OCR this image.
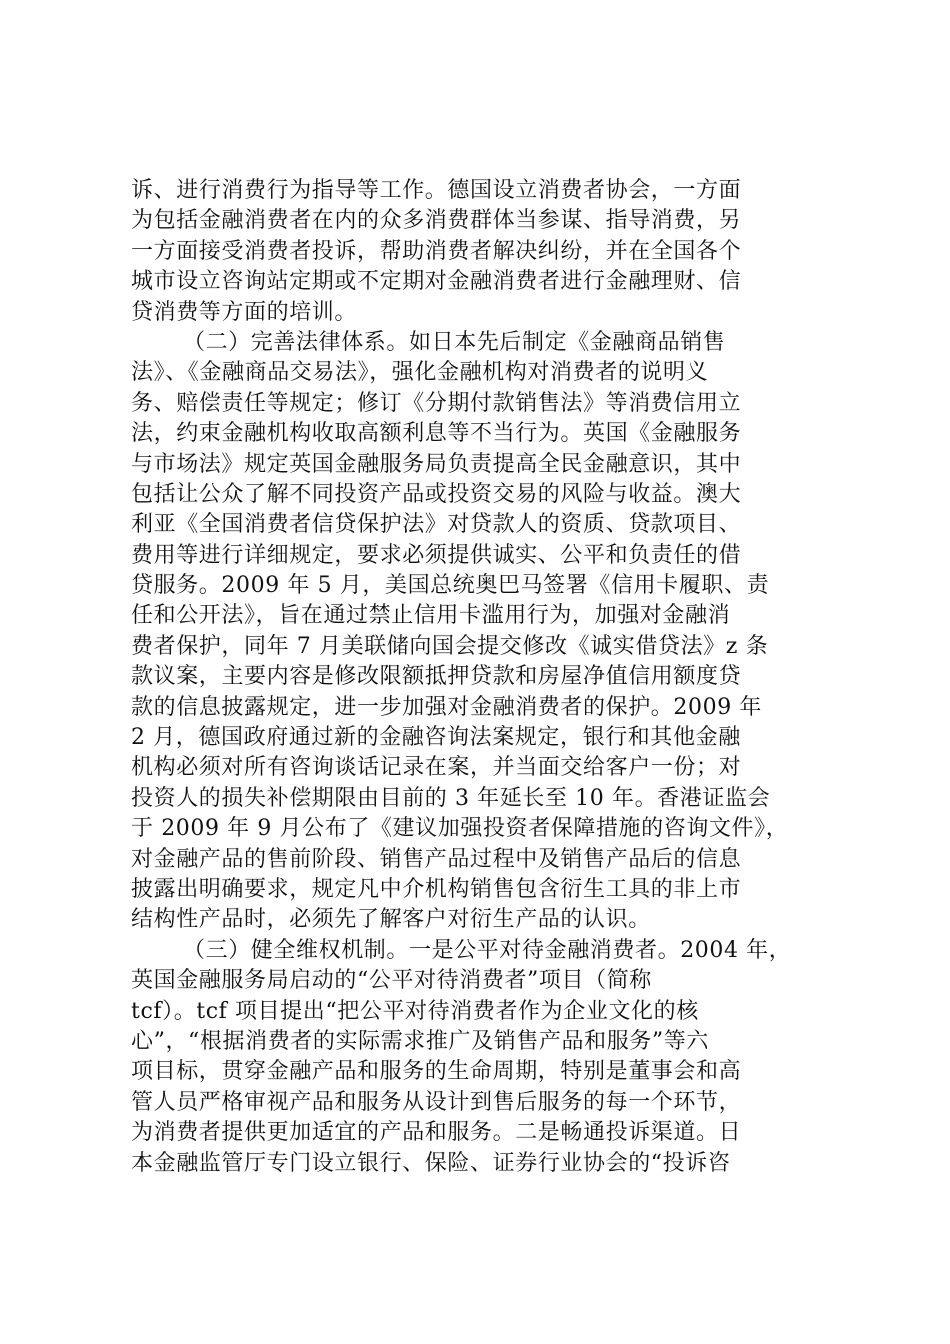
诉、进行消费行为指导等工作。德国设立消费者协会，一方面
为包括金融消费者在内的众多消费群体当参谋、指导消费，另
一方面接受消费者投诉，帮助消费者解决纠纷，并在全国各个
城市设立咨询站定期或不定期对金融消费者进行金融理财、信
贷消费等方面的培训。
（二）完善法律体系。如日本先后制定《金融商品销售
法》、《金融商品交易法》，强化金融机构对消费者的说明义
务、赔偿责任等规定；修订《分期付款销售法》等消费信用立
法，约束金融机构收取高额利息等不当行为。英国《金融服务
与市场法》规定英国金融服务局负责提高全民金融意识，其中
包括让公众了解不同投资产品或投资交易的风险与收益。澳大
利亚《全国消费者信贷保护法》对贷款人的资质、贷款项目、
费用等进行详细规定，要求必须提供诚实、公平和负责任的借
贷服务。2009 年 5 月，美国总统奥巴马签署《信用卡履职、责
任和公开法》，旨在通过禁止信用卡滥用行为，加强对金融消
费者保护，同年 7 月美联储向国会提交修改《诚实借贷法》z 条
款议案，主要内容是修改限额抵押贷款和房屋净值信用额度贷
款的信息披露规定，进一步加强对金融消费者的保护。2009 年
2 月，德国政府通过新的金融咨询法案规定，银行和其他金融
机构必须对所有咨询谈话记录在案，并当面交给客户一份；对
投资人的损失补偿期限由目前的 3 年延长至 10 年。香港证监会
于 2009 年 9 月公布了《建议加强投资者保障措施的咨询文件》，
对金融产品的售前阶段、销售产品过程中及销售产品后的信息
披露出明确要求，规定凡中介机构销售包含衍生工具的非上市
结构性产品时，必须先了解客户对衍生产品的认识。
（三）健全维权机制。一是公平对待金融消费者。2004 年，
英国金融服务局启动的“公平对待消费者”项目（简称
tcf）。tcf 项目提出“把公平对待消费者作为企业文化的核
心”，“根据消费者的实际需求推广及销售产品和服务”等六
项目标，贯穿金融产品和服务的生命周期，特别是董事会和高
管人员严格审视产品和服务从设计到售后服务的每一个环节，
为消费者提供更加适宜的产品和服务。二是畅通投诉渠道。日
本金融监管厅专门设立银行、保险、证券行业协会的“投诉咨
